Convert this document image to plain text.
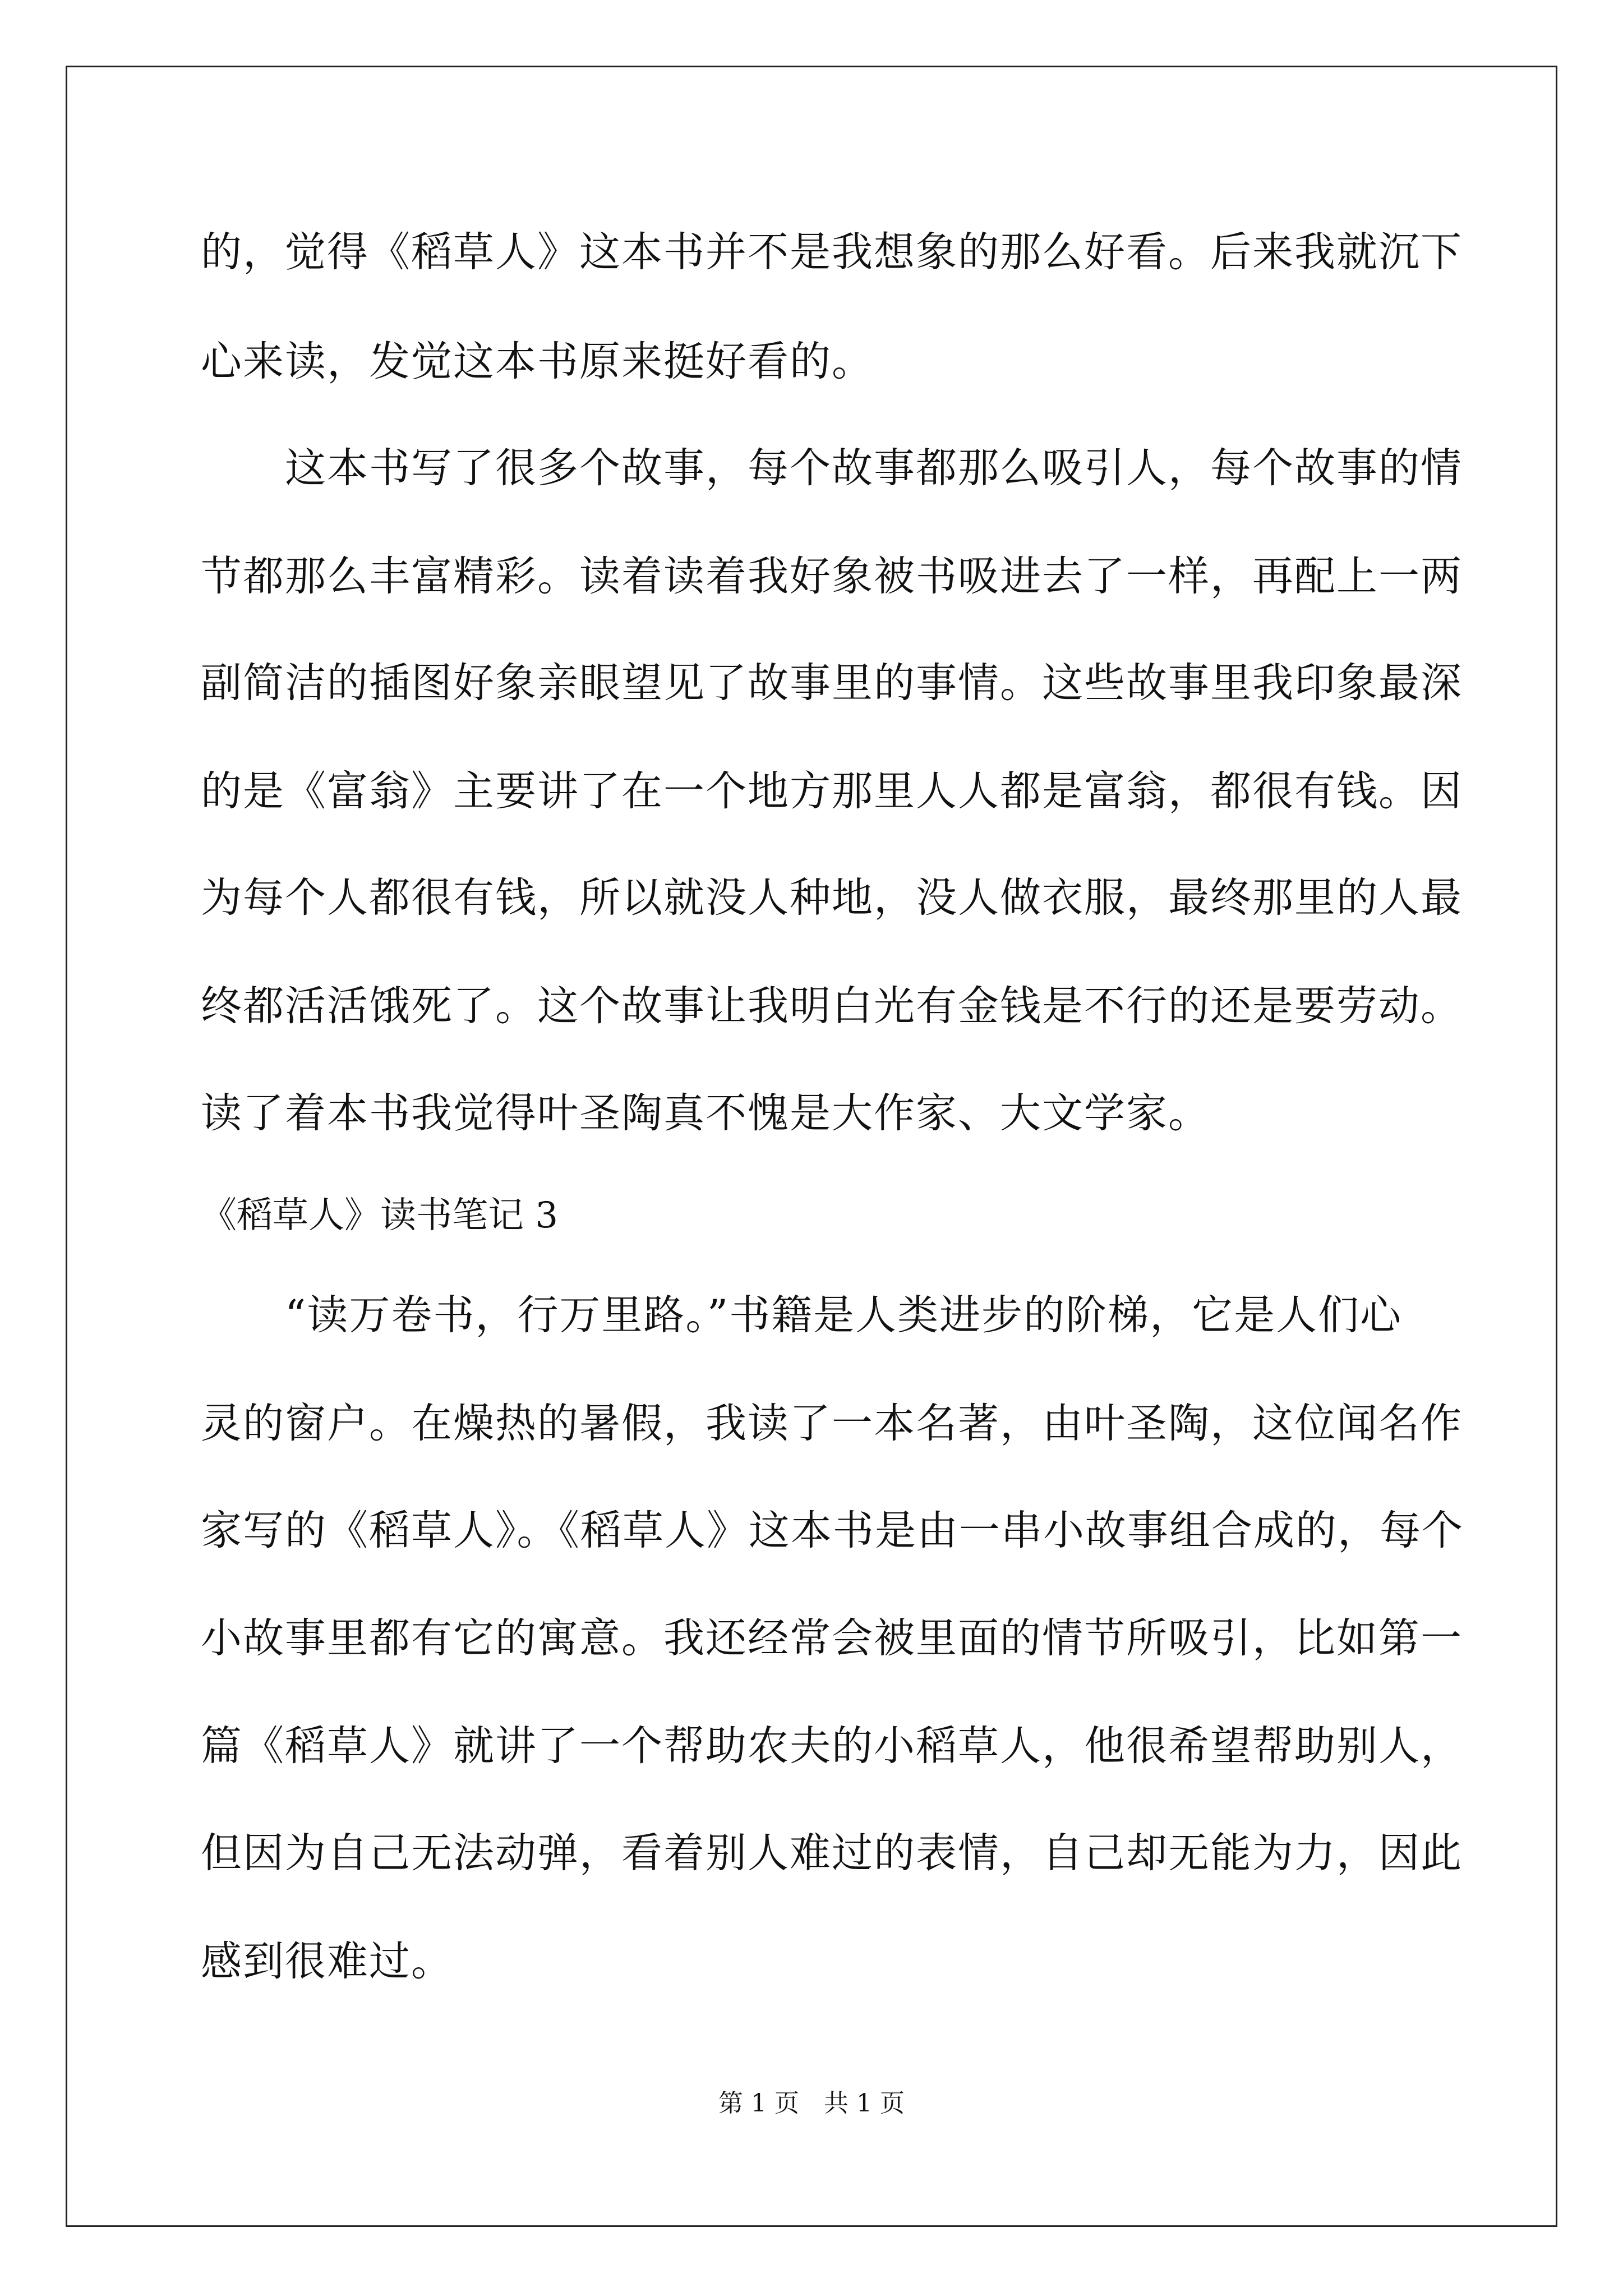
的，觉得《稻草人》这本书并不是我想象的那么好看。后来我就沉下
心来读，发觉这本书原来挺好看的。
　　这本书写了很多个故事，每个故事都那么吸引人，每个故事的情
节都那么丰富精彩。读着读着我好象被书吸进去了一样，再配上一两
副简洁的插图好象亲眼望见了故事里的事情。这些故事里我印象最深
的是《富翁》主要讲了在一个地方那里人人都是富翁，都很有钱。因
为每个人都很有钱，所以就没人种地，没人做衣服，最终那里的人最
终都活活饿死了。这个故事让我明白光有金钱是不行的还是要劳动。
读了着本书我觉得叶圣陶真不愧是大作家、大文学家。
《稻草人》读书笔记 3
　　“读万卷书，行万里路。”书籍是人类进步的阶梯，它是人们心
灵的窗户。在燥热的暑假，我读了一本名著，由叶圣陶，这位闻名作
家写的《稻草人》。《稻草人》这本书是由一串小故事组合成的，每个
小故事里都有它的寓意。我还经常会被里面的情节所吸引，比如第一
篇《稻草人》就讲了一个帮助农夫的小稻草人，他很希望帮助别人，
但因为自己无法动弹，看着别人难过的表情，自己却无能为力，因此
感到很难过。
第 1 页　共 1 页
